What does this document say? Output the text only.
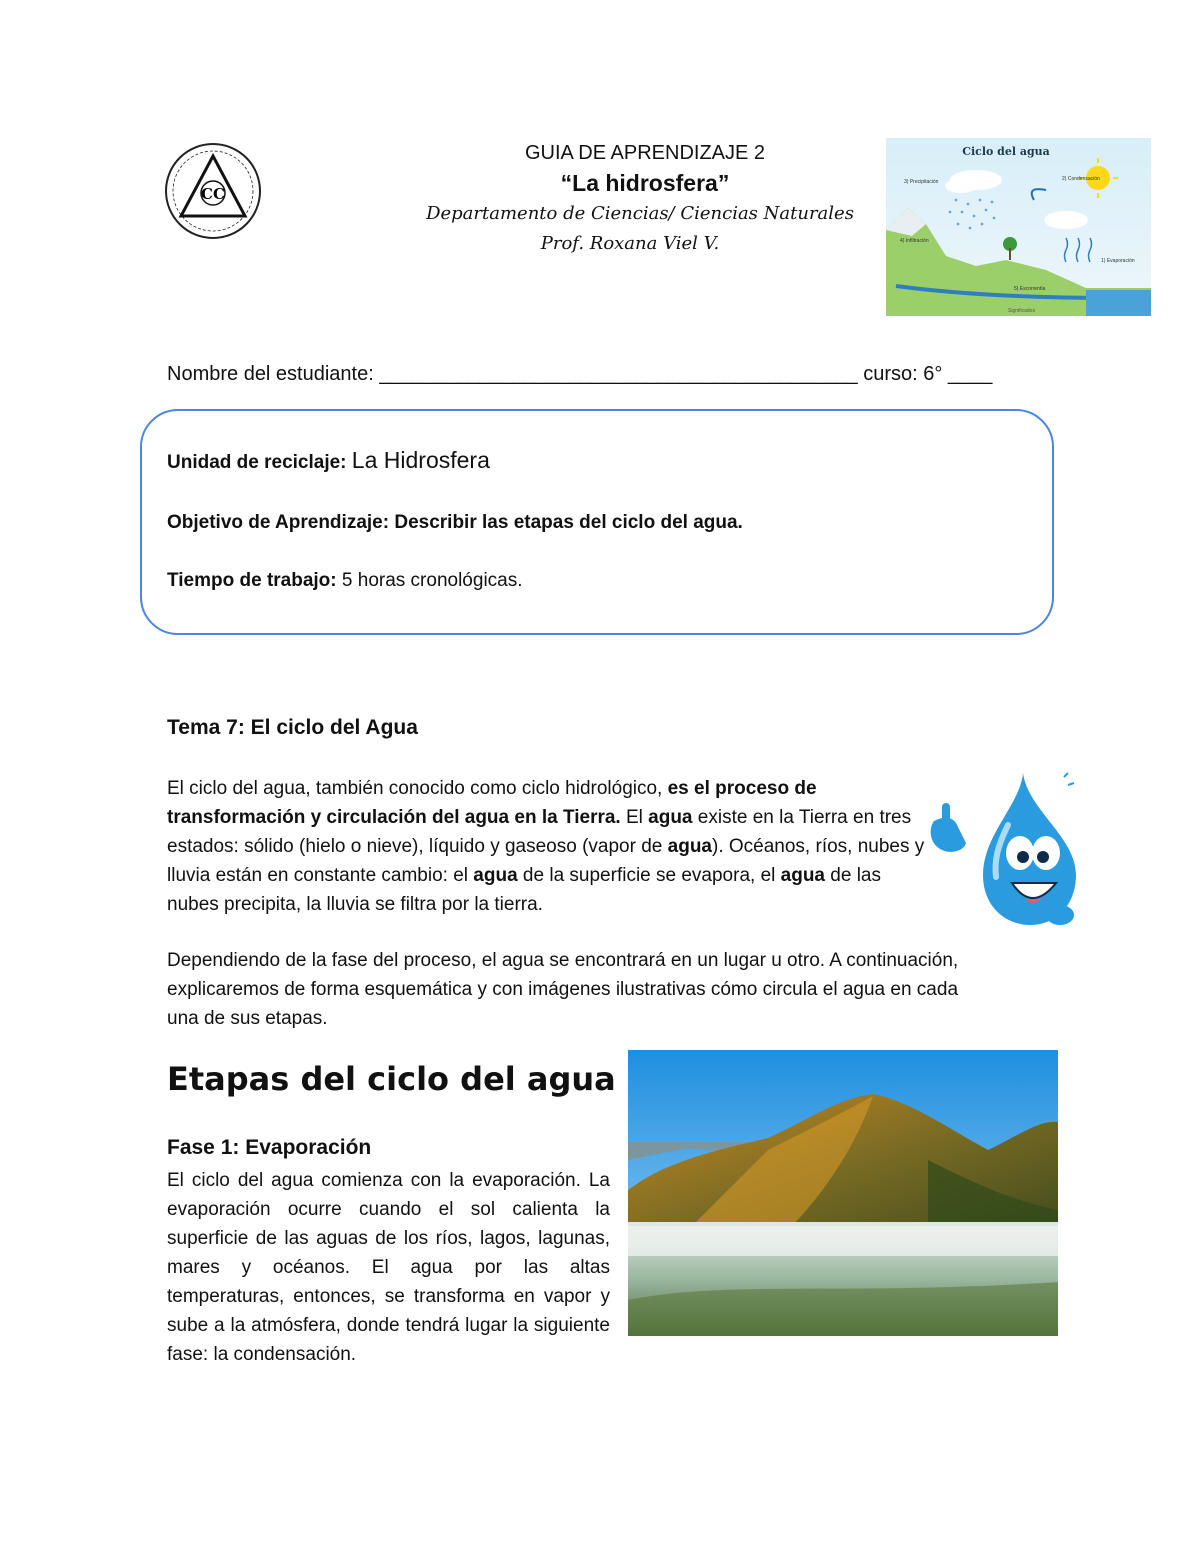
CC
GUIA DE APRENDIZAJE 2
“La hidrosfera”
Departamento de Ciencias/ Ciencias Naturales
Prof. Roxana Viel V.
Ciclo del agua
3) Precipitación	2) Condensación
4) Infiltración
1) Evaporación
5) Escorrentía
Significados
Nombre del estudiante: ___________________________________________ curso: 6° ____
Unidad de reciclaje: La Hidrosfera
Objetivo de Aprendizaje: Describir las etapas del ciclo del agua.
Tiempo de trabajo: 5 horas cronológicas.
Tema 7: El ciclo del Agua
El ciclo del agua, también conocido como ciclo hidrológico, es el proceso de transformación y circulación del agua en la Tierra. El agua existe en la Tierra en tres estados: sólido (hielo o nieve), líquido y gaseoso (vapor de agua). Océanos, ríos, nubes y lluvia están en constante cambio: el agua de la superficie se evapora, el agua de las nubes precipita, la lluvia se filtra por la tierra.
Dependiendo de la fase del proceso, el agua se encontrará en un lugar u otro. A continuación, explicaremos de forma esquemática y con imágenes ilustrativas cómo circula el agua en cada una de sus etapas.
Etapas del ciclo del agua
Fase 1: Evaporación
El ciclo del agua comienza con la evaporación. La evaporación ocurre cuando el sol calienta la superficie de las aguas de los ríos, lagos, lagunas, mares y océanos. El agua por las altas temperaturas, entonces, se transforma en vapor y sube a la atmósfera, donde tendrá lugar la siguiente fase: la condensación.
